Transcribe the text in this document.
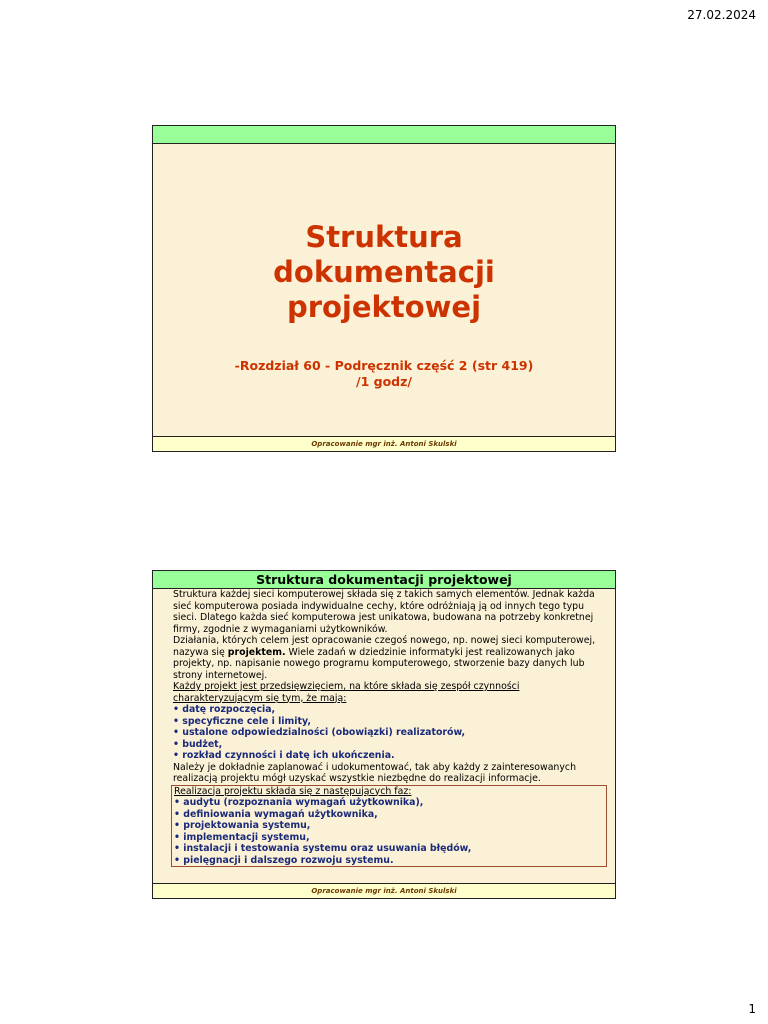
27.02.2024
Struktura
dokumentacji
projektowej
-Rozdział 60 - Podręcznik część 2 (str 419)
/1 godz/
Opracowanie mgr inż. Antoni Skulski
Struktura dokumentacji projektowej

Struktura każdej sieci komputerowej składa się z takich samych elementów. Jednak każda sieć komputerowa posiada indywidualne cechy, które odróżniają ją od innych tego typu sieci. Dlatego każda sieć komputerowa jest unikatowa, budowana na potrzeby konkretnej firmy, zgodnie z wymaganiami użytkowników.

Działania, których celem jest opracowanie czegoś nowego, np. nowej sieci komputerowej, nazywa się projektem. Wiele zadań w dziedzinie informatyki jest realizowanych jako projekty, np. napisanie nowego programu komputerowego, stworzenie bazy danych lub strony internetowej.

Każdy projekt jest przedsięwzięciem, na które składa się zespół czynności charakteryzującym się tym, że mają:

• datę rozpoczęcia,
• specyficzne cele i limity,
• ustalone odpowiedzialności (obowiązki) realizatorów,
• budżet,
• rozkład czynności i datę ich ukończenia.

Należy je dokładnie zaplanować i udokumentować, tak aby każdy z zainteresowanych realizacją projektu mógł uzyskać wszystkie niezbędne do realizacji informacje.

Realizacja projektu składa się z następujących faz:

• audytu (rozpoznania wymagań użytkownika),
• definiowania wymagań użytkownika,
• projektowania systemu,
• implementacji systemu,
• instalacji i testowania systemu oraz usuwania błędów,
• pielęgnacji i dalszego rozwoju systemu.
Opracowanie mgr inż. Antoni Skulski
1
